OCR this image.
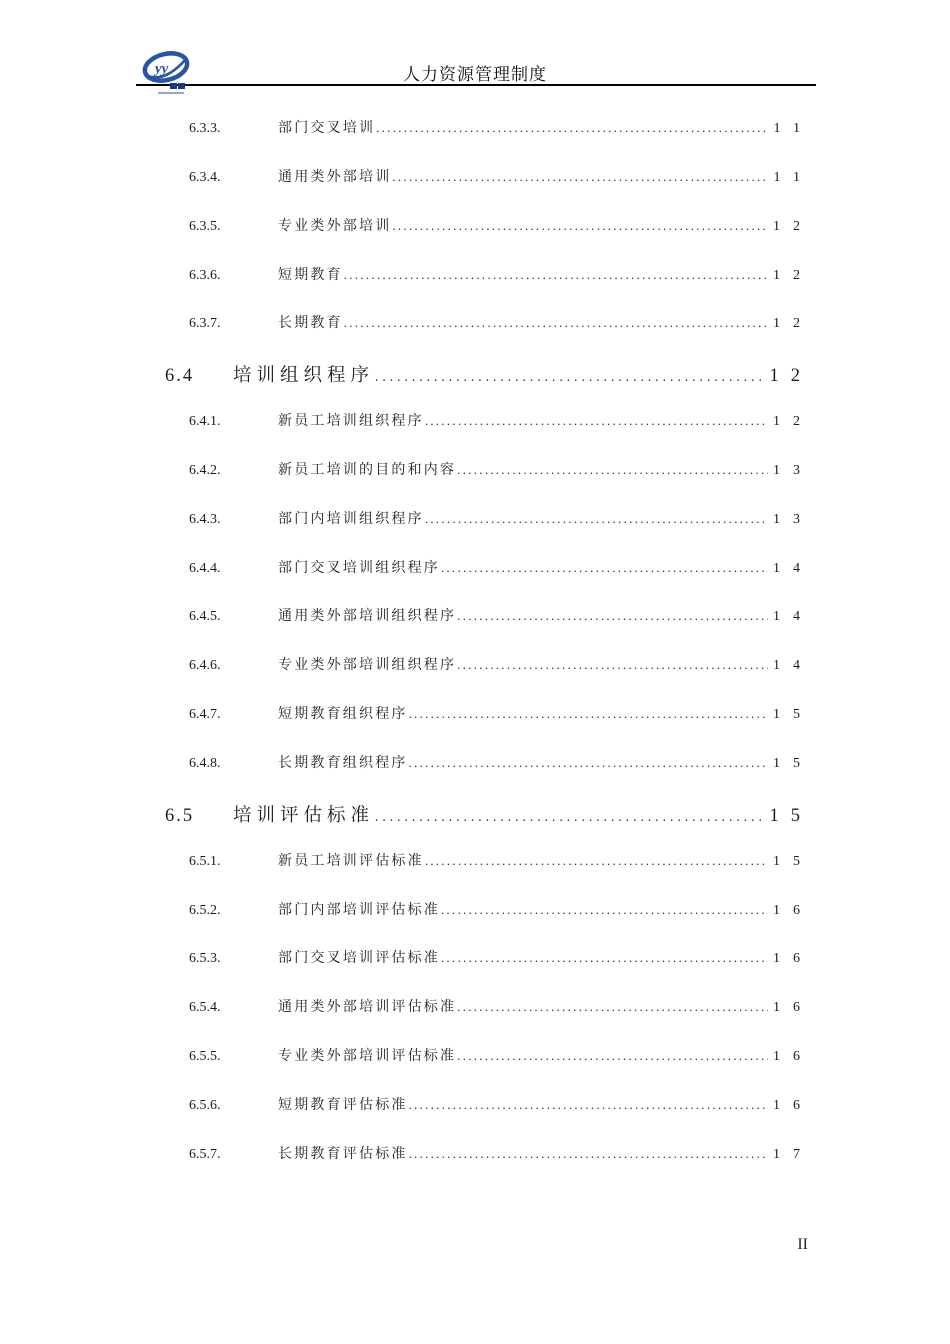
人力资源管理制度
yy
6.3.3.	部门交叉培训 .....	11
6.3.4.	通用类外部培训 .....	11
6.3.5.	专业类外部培训 .....	12
6.3.6.	短期教育 .....	12
6.3.7.	长期教育 .....	12
6.4	培训组织程序 .....	12
6.4.1.	新员工培训组织程序 .....	12
6.4.2.	新员工培训的目的和内容 .....	13
6.4.3.	部门内培训组织程序 .....	13
6.4.4.	部门交叉培训组织程序 .....	14
6.4.5.	通用类外部培训组织程序 .....	14
6.4.6.	专业类外部培训组织程序 .....	14
6.4.7.	短期教育组织程序 .....	15
6.4.8.	长期教育组织程序 .....	15
6.5	培训评估标准 .....	15
6.5.1.	新员工培训评估标准 .....	15
6.5.2.	部门内部培训评估标准 .....	16
6.5.3.	部门交叉培训评估标准 .....	16
6.5.4.	通用类外部培训评估标准 .....	16
6.5.5.	专业类外部培训评估标准 .....	16
6.5.6.	短期教育评估标准 .....	16
6.5.7.	长期教育评估标准 .....	17
II
